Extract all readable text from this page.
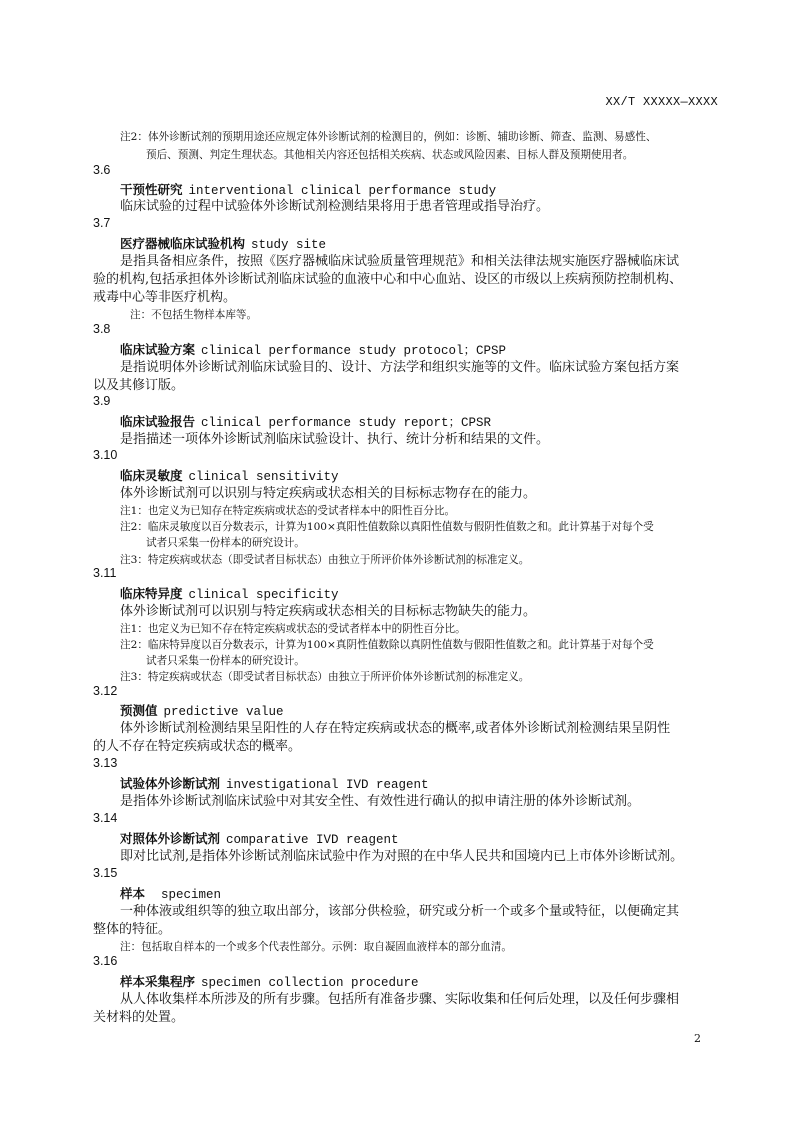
XX/T XXXXX—XXXX
注2：体外诊断试剂的预期用途还应规定体外诊断试剂的检测目的，例如：诊断、辅助诊断、筛查、监测、易感性、
预后、预测、判定生理状态。其他相关内容还包括相关疾病、状态或风险因素、目标人群及预期使用者。
3.6
干预性研究 interventional clinical performance study
临床试验的过程中试验体外诊断试剂检测结果将用于患者管理或指导治疗。
3.7
医疗器械临床试验机构 study site
是指具备相应条件，按照《医疗器械临床试验质量管理规范》和相关法律法规实施医疗器械临床试
验的机构,包括承担体外诊断试剂临床试验的血液中心和中心血站、设区的市级以上疾病预防控制机构、
戒毒中心等非医疗机构。
注：不包括生物样本库等。
3.8
临床试验方案 clinical performance study protocol；CPSP
是指说明体外诊断试剂临床试验目的、设计、方法学和组织实施等的文件。临床试验方案包括方案
以及其修订版。
3.9
临床试验报告 clinical performance study report；CPSR
是指描述一项体外诊断试剂临床试验设计、执行、统计分析和结果的文件。
3.10
临床灵敏度 clinical sensitivity
体外诊断试剂可以识别与特定疾病或状态相关的目标标志物存在的能力。
注1：也定义为已知存在特定疾病或状态的受试者样本中的阳性百分比。
注2：临床灵敏度以百分数表示，计算为100×真阳性值数除以真阳性值数与假阴性值数之和。此计算基于对每个受
试者只采集一份样本的研究设计。
注3：特定疾病或状态（即受试者目标状态）由独立于所评价体外诊断试剂的标准定义。
3.11
临床特异度 clinical specificity
体外诊断试剂可以识别与特定疾病或状态相关的目标标志物缺失的能力。
注1：也定义为已知不存在特定疾病或状态的受试者样本中的阴性百分比。
注2：临床特异度以百分数表示，计算为100×真阴性值数除以真阴性值数与假阳性值数之和。此计算基于对每个受
试者只采集一份样本的研究设计。
注3：特定疾病或状态（即受试者目标状态）由独立于所评价体外诊断试剂的标准定义。
3.12
预测值 predictive value
体外诊断试剂检测结果呈阳性的人存在特定疾病或状态的概率,或者体外诊断试剂检测结果呈阴性
的人不存在特定疾病或状态的概率。
3.13
试验体外诊断试剂 investigational IVD reagent
是指体外诊断试剂临床试验中对其安全性、有效性进行确认的拟申请注册的体外诊断试剂。
3.14
对照体外诊断试剂 comparative IVD reagent
即对比试剂,是指体外诊断试剂临床试验中作为对照的在中华人民共和国境内已上市体外诊断试剂。
3.15
样本 specimen
一种体液或组织等的独立取出部分，该部分供检验，研究或分析一个或多个量或特征，以便确定其
整体的特征。
注：包括取自样本的一个或多个代表性部分。示例：取自凝固血液样本的部分血清。
3.16
样本采集程序 specimen collection procedure
从人体收集样本所涉及的所有步骤。包括所有准备步骤、实际收集和任何后处理，以及任何步骤相
关材料的处置。
2
